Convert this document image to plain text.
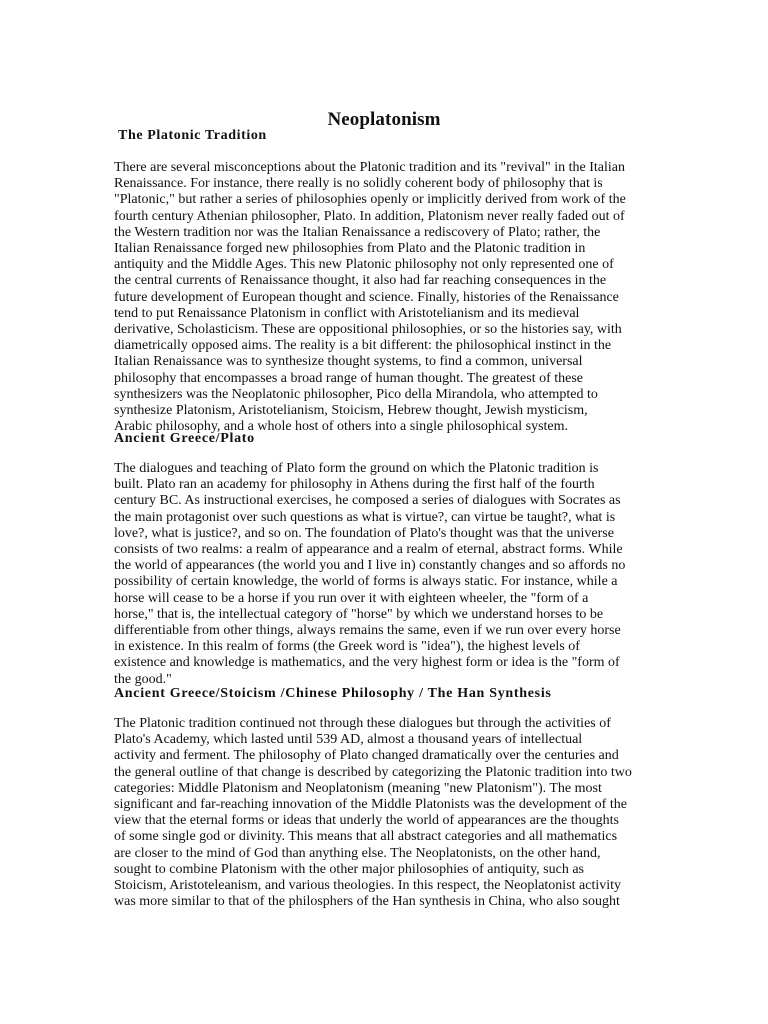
Neoplatonism
The Platonic Tradition

There are several misconceptions about the Platonic tradition and its "revival" in the Italian
Renaissance. For instance, there really is no solidly coherent body of philosophy that is
"Platonic," but rather a series of philosophies openly or implicitly derived from work of the
fourth century Athenian philosopher, Plato. In addition, Platonism never really faded out of
the Western tradition nor was the Italian Renaissance a rediscovery of Plato; rather, the
Italian Renaissance forged new philosophies from Plato and the Platonic tradition in
antiquity and the Middle Ages. This new Platonic philosophy not only represented one of
the central currents of Renaissance thought, it also had far reaching consequences in the
future development of European thought and science. Finally, histories of the Renaissance
tend to put Renaissance Platonism in conflict with Aristotelianism and its medieval
derivative, Scholasticism. These are oppositional philosophies, or so the histories say, with
diametrically opposed aims. The reality is a bit different: the philosophical instinct in the
Italian Renaissance was to synthesize thought systems, to find a common, universal
philosophy that encompasses a broad range of human thought. The greatest of these
synthesizers was the Neoplatonic philosopher, Pico della Mirandola, who attempted to
synthesize Platonism, Aristotelianism, Stoicism, Hebrew thought, Jewish mysticism,
Arabic philosophy, and a whole host of others into a single philosophical system.

Ancient Greece/Plato

The dialogues and teaching of Plato form the ground on which the Platonic tradition is
built. Plato ran an academy for philosophy in Athens during the first half of the fourth
century BC. As instructional exercises, he composed a series of dialogues with Socrates as
the main protagonist over such questions as what is virtue?, can virtue be taught?, what is
love?, what is justice?, and so on. The foundation of Plato's thought was that the universe
consists of two realms: a realm of appearance and a realm of eternal, abstract forms. While
the world of appearances (the world you and I live in) constantly changes and so affords no
possibility of certain knowledge, the world of forms is always static. For instance, while a
horse will cease to be a horse if you run over it with eighteen wheeler, the "form of a
horse," that is, the intellectual category of "horse" by which we understand horses to be
differentiable from other things, always remains the same, even if we run over every horse
in existence. In this realm of forms (the Greek word is "idea"), the highest levels of
existence and knowledge is mathematics, and the very highest form or idea is the "form of
the good."

Ancient Greece/Stoicism /Chinese Philosophy / The Han Synthesis

The Platonic tradition continued not through these dialogues but through the activities of
Plato's Academy, which lasted until 539 AD, almost a thousand years of intellectual
activity and ferment. The philosophy of Plato changed dramatically over the centuries and
the general outline of that change is described by categorizing the Platonic tradition into two
categories: Middle Platonism and Neoplatonism (meaning "new Platonism"). The most
significant and far-reaching innovation of the Middle Platonists was the development of the
view that the eternal forms or ideas that underly the world of appearances are the thoughts
of some single god or divinity. This means that all abstract categories and all mathematics
are closer to the mind of God than anything else. The Neoplatonists, on the other hand,
sought to combine Platonism with the other major philosophies of antiquity, such as
Stoicism, Aristoteleanism, and various theologies. In this respect, the Neoplatonist activity
was more similar to that of the philosphers of the Han synthesis in China, who also sought
